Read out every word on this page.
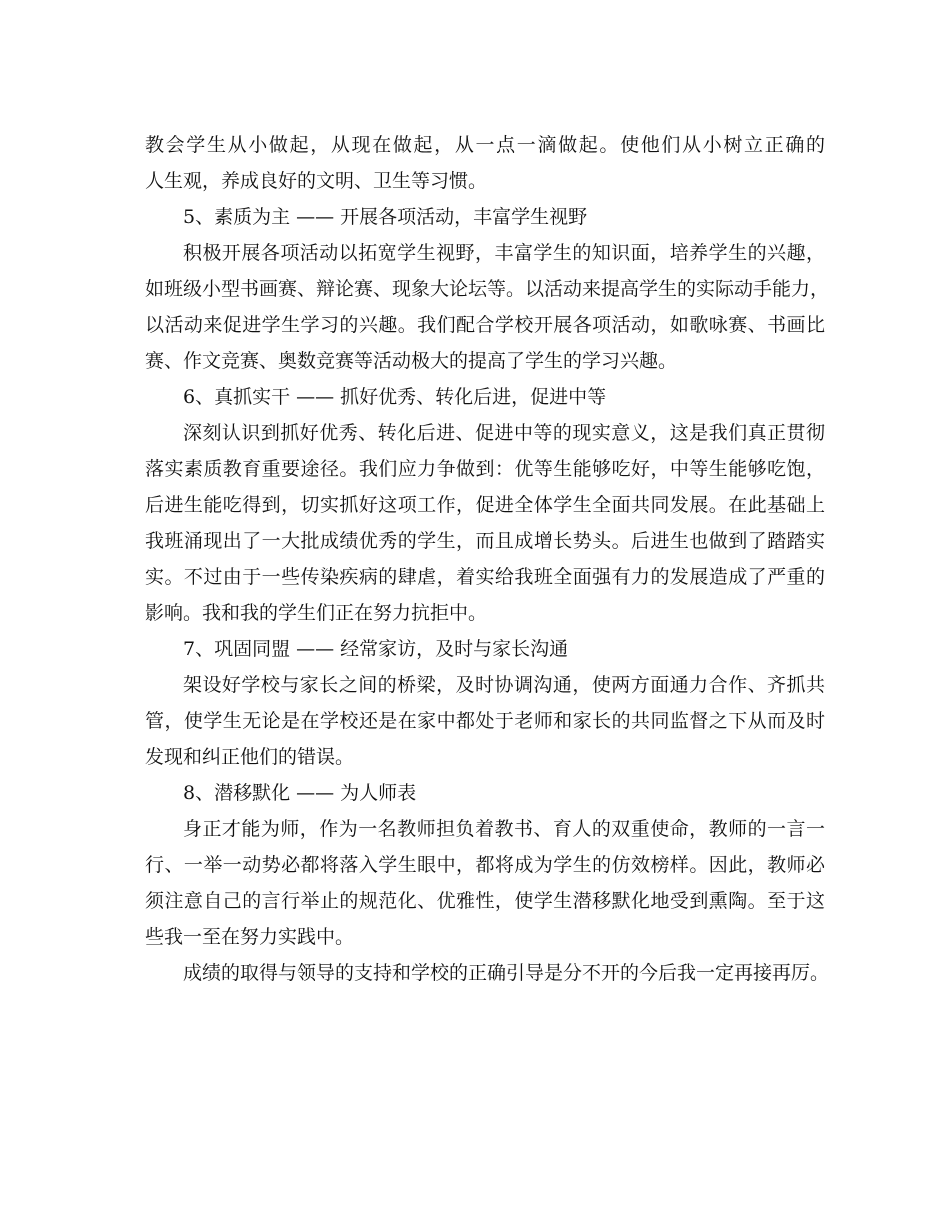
教会学生从小做起，从现在做起，从一点一滴做起。使他们从小树立正确的
人生观，养成良好的文明、卫生等习惯。
5、素质为主 —— 开展各项活动，丰富学生视野
积极开展各项活动以拓宽学生视野，丰富学生的知识面，培养学生的兴趣，
如班级小型书画赛、辩论赛、现象大论坛等。以活动来提高学生的实际动手能力，
以活动来促进学生学习的兴趣。我们配合学校开展各项活动，如歌咏赛、书画比
赛、作文竞赛、奥数竞赛等活动极大的提高了学生的学习兴趣。
6、真抓实干 —— 抓好优秀、转化后进，促进中等
深刻认识到抓好优秀、转化后进、促进中等的现实意义，这是我们真正贯彻
落实素质教育重要途径。我们应力争做到：优等生能够吃好，中等生能够吃饱，
后进生能吃得到，切实抓好这项工作，促进全体学生全面共同发展。在此基础上
我班涌现出了一大批成绩优秀的学生，而且成增长势头。后进生也做到了踏踏实
实。不过由于一些传染疾病的肆虐，着实给我班全面强有力的发展造成了严重的
影响。我和我的学生们正在努力抗拒中。
7、巩固同盟 —— 经常家访，及时与家长沟通
架设好学校与家长之间的桥梁，及时协调沟通，使两方面通力合作、齐抓共
管，使学生无论是在学校还是在家中都处于老师和家长的共同监督之下从而及时
发现和纠正他们的错误。
8、潜移默化 —— 为人师表
身正才能为师，作为一名教师担负着教书、育人的双重使命，教师的一言一
行、一举一动势必都将落入学生眼中，都将成为学生的仿效榜样。因此，教师必
须注意自己的言行举止的规范化、优雅性，使学生潜移默化地受到熏陶。至于这
些我一至在努力实践中。
成绩的取得与领导的支持和学校的正确引导是分不开的今后我一定再接再厉。
